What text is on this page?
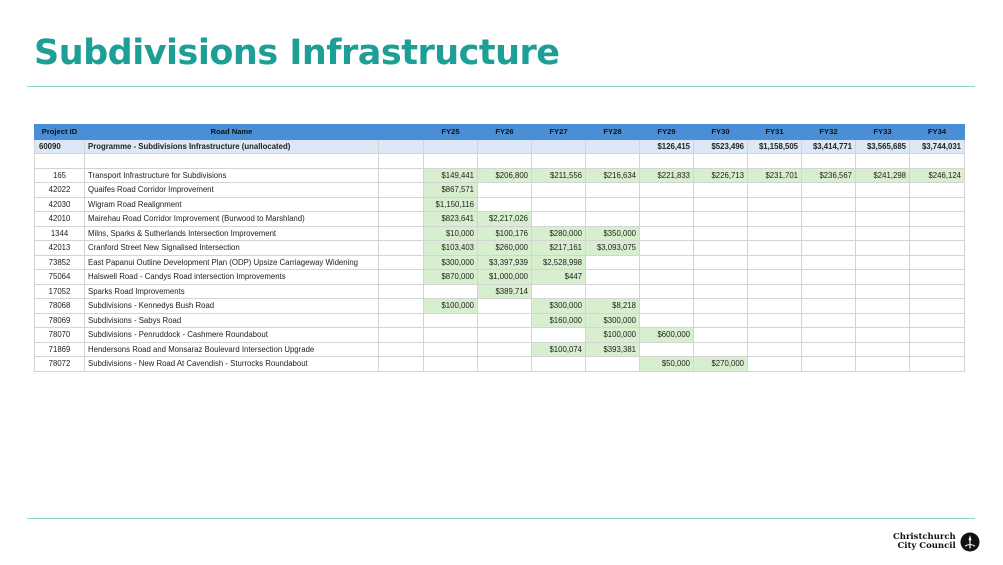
Subdivisions Infrastructure
Project ID	Road Name		FY25	FY26	FY27	FY28	FY29	FY30	FY31	FY32	FY33	FY34
60090	Programme - Subdivisions Infrastructure (unallocated)						$126,415	$523,496	$1,158,505	$3,414,771	$3,565,685	$3,744,031

165	Transport Infrastructure for Subdivisions		$149,441	$206,800	$211,556	$216,634	$221,833	$226,713	$231,701	$236,567	$241,298	$246,124
42022	Quaifes Road Corridor Improvement		$867,571									
42030	Wigram Road Realignment		$1,150,116									
42010	Mairehau Road Corridor Improvement (Burwood to Marshland)		$823,641	$2,217,026								
1344	Milns, Sparks & Sutherlands Intersection Improvement		$10,000	$100,176	$280,000	$350,000						
42013	Cranford Street New Signalised Intersection		$103,403	$260,000	$217,161	$3,093,075						
73852	East Papanui Outline Development Plan (ODP) Upsize Carriageway Widening		$300,000	$3,397,939	$2,528,998							
75064	Halswell Road - Candys Road intersection Improvements		$870,000	$1,000,000	$447							
17052	Sparks Road Improvements			$389,714								
78068	Subdivisions - Kennedys Bush Road		$100,000		$300,000	$8,218						
78069	Subdivisions - Sabys Road				$160,000	$300,000						
78070	Subdivisions - Penruddock - Cashmere Roundabout					$100,000	$600,000					
71869	Hendersons Road and Monsaraz Boulevard Intersection Upgrade				$100,074	$393,381						
78072	Subdivisions - New Road At Cavendish - Sturrocks Roundabout						$50,000	$270,000				
Christchurch
City Council
